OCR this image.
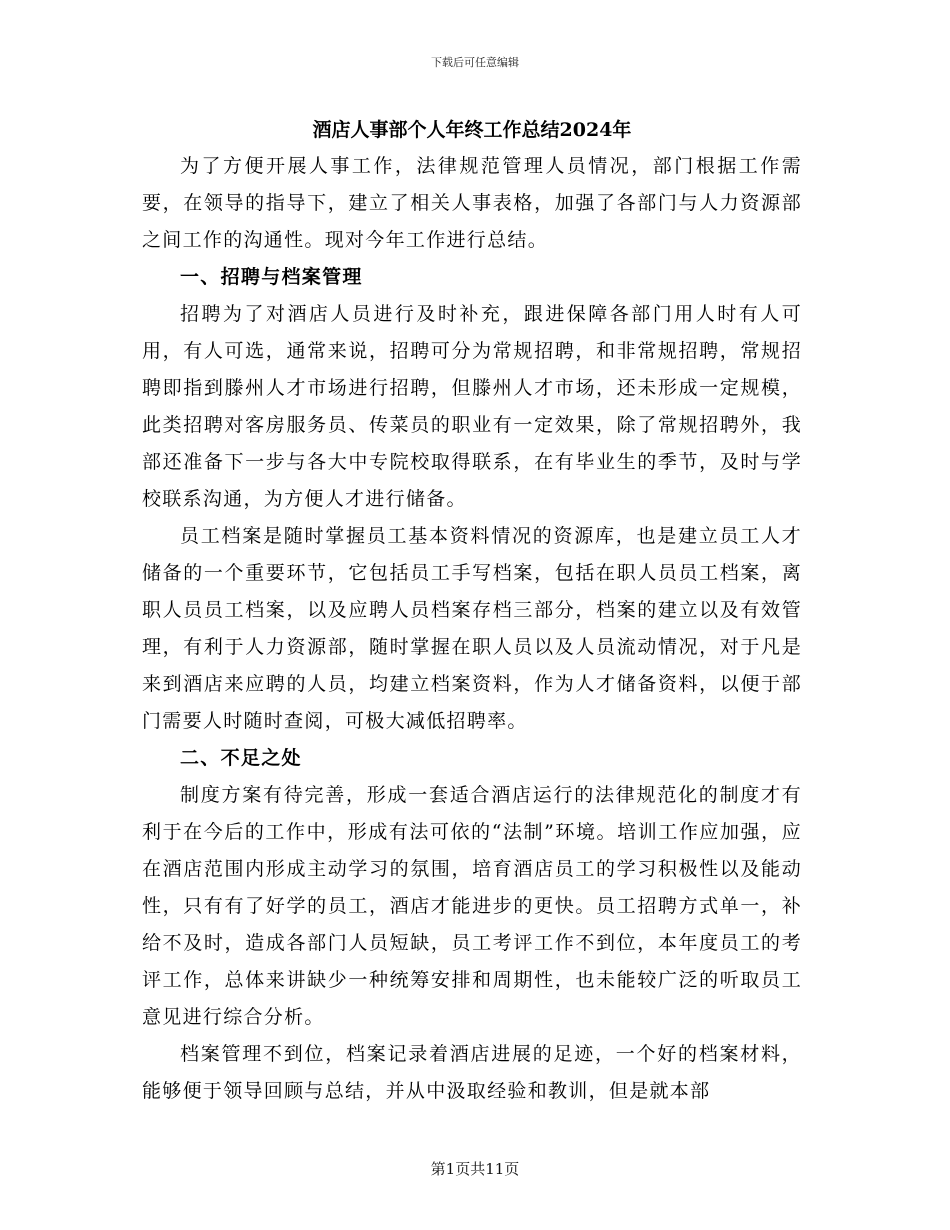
下载后可任意编辑

酒店人事部个人年终工作总结2024年

为了方便开展人事工作，法律规范管理人员情况，部门根据工作需要，在领导的指导下，建立了相关人事表格，加强了各部门与人力资源部之间工作的沟通性。现对今年工作进行总结。

一、招聘与档案管理

招聘为了对酒店人员进行及时补充，跟进保障各部门用人时有人可用，有人可选，通常来说，招聘可分为常规招聘，和非常规招聘，常规招聘即指到滕州人才市场进行招聘，但滕州人才市场，还未形成一定规模，此类招聘对客房服务员、传菜员的职业有一定效果，除了常规招聘外，我部还准备下一步与各大中专院校取得联系，在有毕业生的季节，及时与学校联系沟通，为方便人才进行储备。

员工档案是随时掌握员工基本资料情况的资源库，也是建立员工人才储备的一个重要环节，它包括员工手写档案，包括在职人员员工档案，离职人员员工档案，以及应聘人员档案存档三部分，档案的建立以及有效管理，有利于人力资源部，随时掌握在职人员以及人员流动情况，对于凡是来到酒店来应聘的人员，均建立档案资料，作为人才储备资料，以便于部门需要人时随时查阅，可极大减低招聘率。

二、不足之处

制度方案有待完善，形成一套适合酒店运行的法律规范化的制度才有利于在今后的工作中，形成有法可依的“法制”环境。培训工作应加强，应在酒店范围内形成主动学习的氛围，培育酒店员工的学习积极性以及能动性，只有有了好学的员工，酒店才能进步的更快。员工招聘方式单一，补给不及时，造成各部门人员短缺，员工考评工作不到位，本年度员工的考评工作，总体来讲缺少一种统筹安排和周期性，也未能较广泛的听取员工意见进行综合分析。

档案管理不到位，档案记录着酒店进展的足迹，一个好的档案材料，能够便于领导回顾与总结，并从中汲取经验和教训，但是就本部

第1页共11页
